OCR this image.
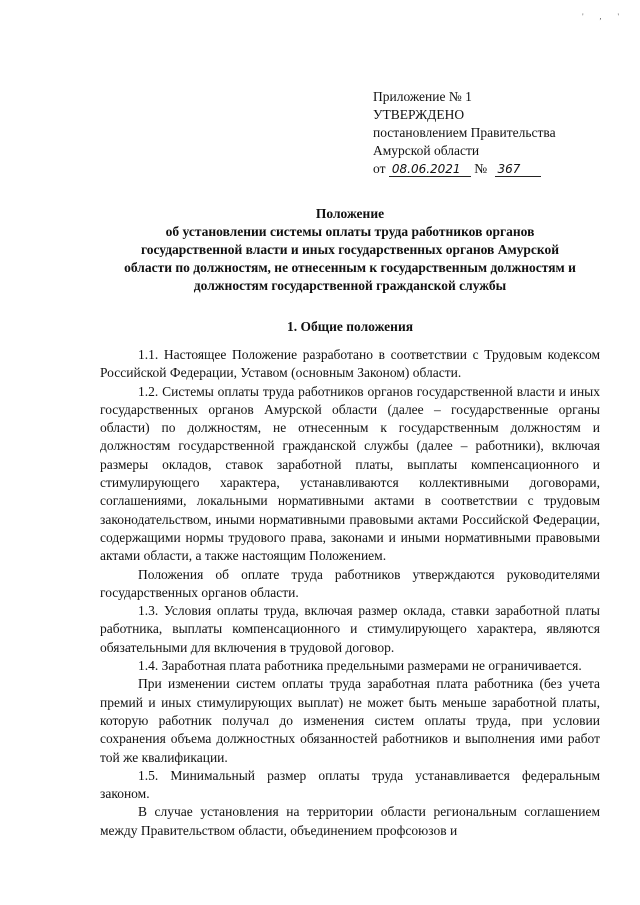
' , '
Приложение № 1
УТВЕРЖДЕНО
постановлением Правительства
Амурской области
от 08.06.2021 № 367
Положение
об установлении системы оплаты труда работников органов
государственной власти и иных государственных органов Амурской
области по должностям, не отнесенным к государственным должностям и
должностям государственной гражданской службы
1. Общие положения

1.1. Настоящее Положение разработано в соответствии с Трудовым кодексом Российской Федерации, Уставом (основным Законом) области.

1.2. Системы оплаты труда работников органов государственной власти и иных государственных органов Амурской области (далее – государственные органы области) по должностям, не отнесенным к государственным должностям и должностям государственной гражданской службы (далее – работники), включая размеры окладов, ставок заработной платы, выплаты компенсационного и стимулирующего характера, устанавливаются коллективными договорами, соглашениями, локальными нормативными актами в соответствии с трудовым законодательством, иными нормативными правовыми актами Российской Федерации, содержащими нормы трудового права, законами и иными нормативными правовыми актами области, а также настоящим Положением.

Положения об оплате труда работников утверждаются руководителями государственных органов области.

1.3. Условия оплаты труда, включая размер оклада, ставки заработной платы работника, выплаты компенсационного и стимулирующего характера, являются обязательными для включения в трудовой договор.

1.4. Заработная плата работника предельными размерами не ограничивается.

При изменении систем оплаты труда заработная плата работника (без учета премий и иных стимулирующих выплат) не может быть меньше заработной платы, которую работник получал до изменения систем оплаты труда, при условии сохранения объема должностных обязанностей работников и выполнения ими работ той же квалификации.

1.5. Минимальный размер оплаты труда устанавливается федеральным законом.

В случае установления на территории области региональным соглашением между Правительством области, объединением профсоюзов и
